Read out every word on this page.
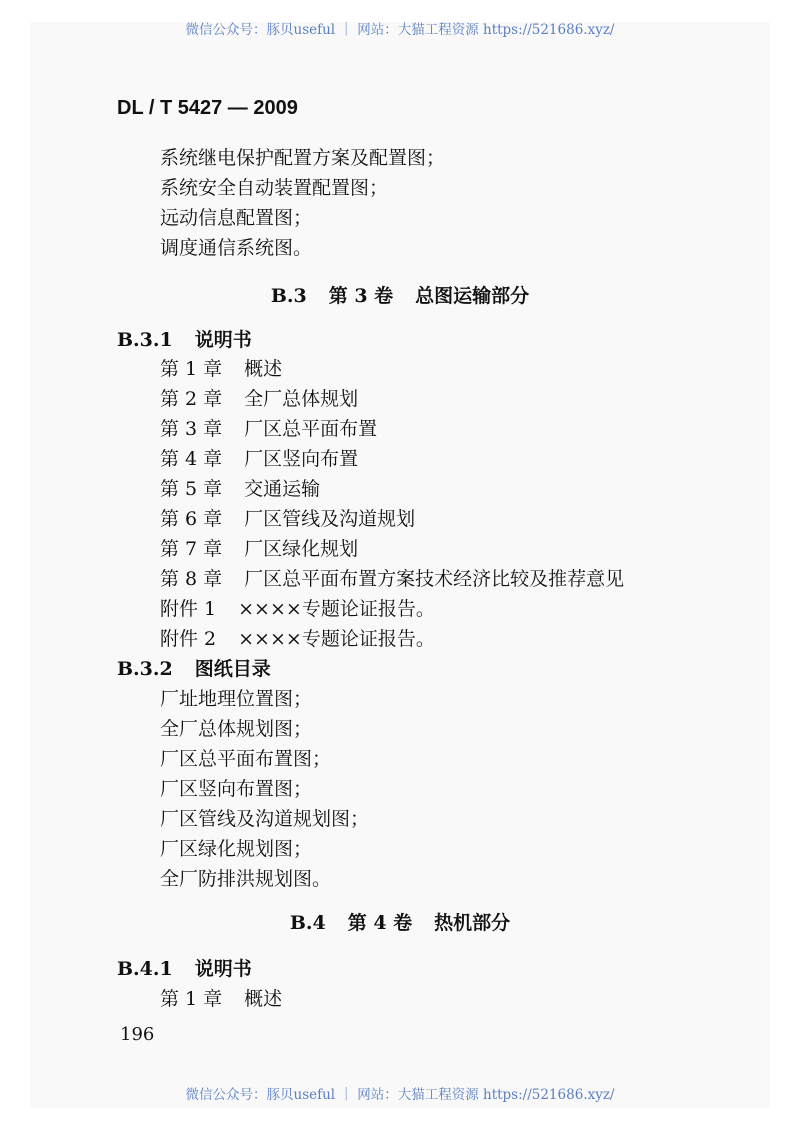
微信公众号：豚贝useful ｜ 网站：大猫工程资源 https://521686.xyz/
DL / T 5427 — 2009
系统继电保护配置方案及配置图；
系统安全自动装置配置图；
远动信息配置图；
调度通信系统图。
B.3 第 3 卷 总图运输部分
B.3.1 说明书
第 1 章 概述
第 2 章 全厂总体规划
第 3 章 厂区总平面布置
第 4 章 厂区竖向布置
第 5 章 交通运输
第 6 章 厂区管线及沟道规划
第 7 章 厂区绿化规划
第 8 章 厂区总平面布置方案技术经济比较及推荐意见
附件 1 ××××专题论证报告。
附件 2 ××××专题论证报告。
B.3.2 图纸目录
厂址地理位置图；
全厂总体规划图；
厂区总平面布置图；
厂区竖向布置图；
厂区管线及沟道规划图；
厂区绿化规划图；
全厂防排洪规划图。
B.4 第 4 卷 热机部分
B.4.1 说明书
第 1 章 概述
196
微信公众号：豚贝useful ｜ 网站：大猫工程资源 https://521686.xyz/
